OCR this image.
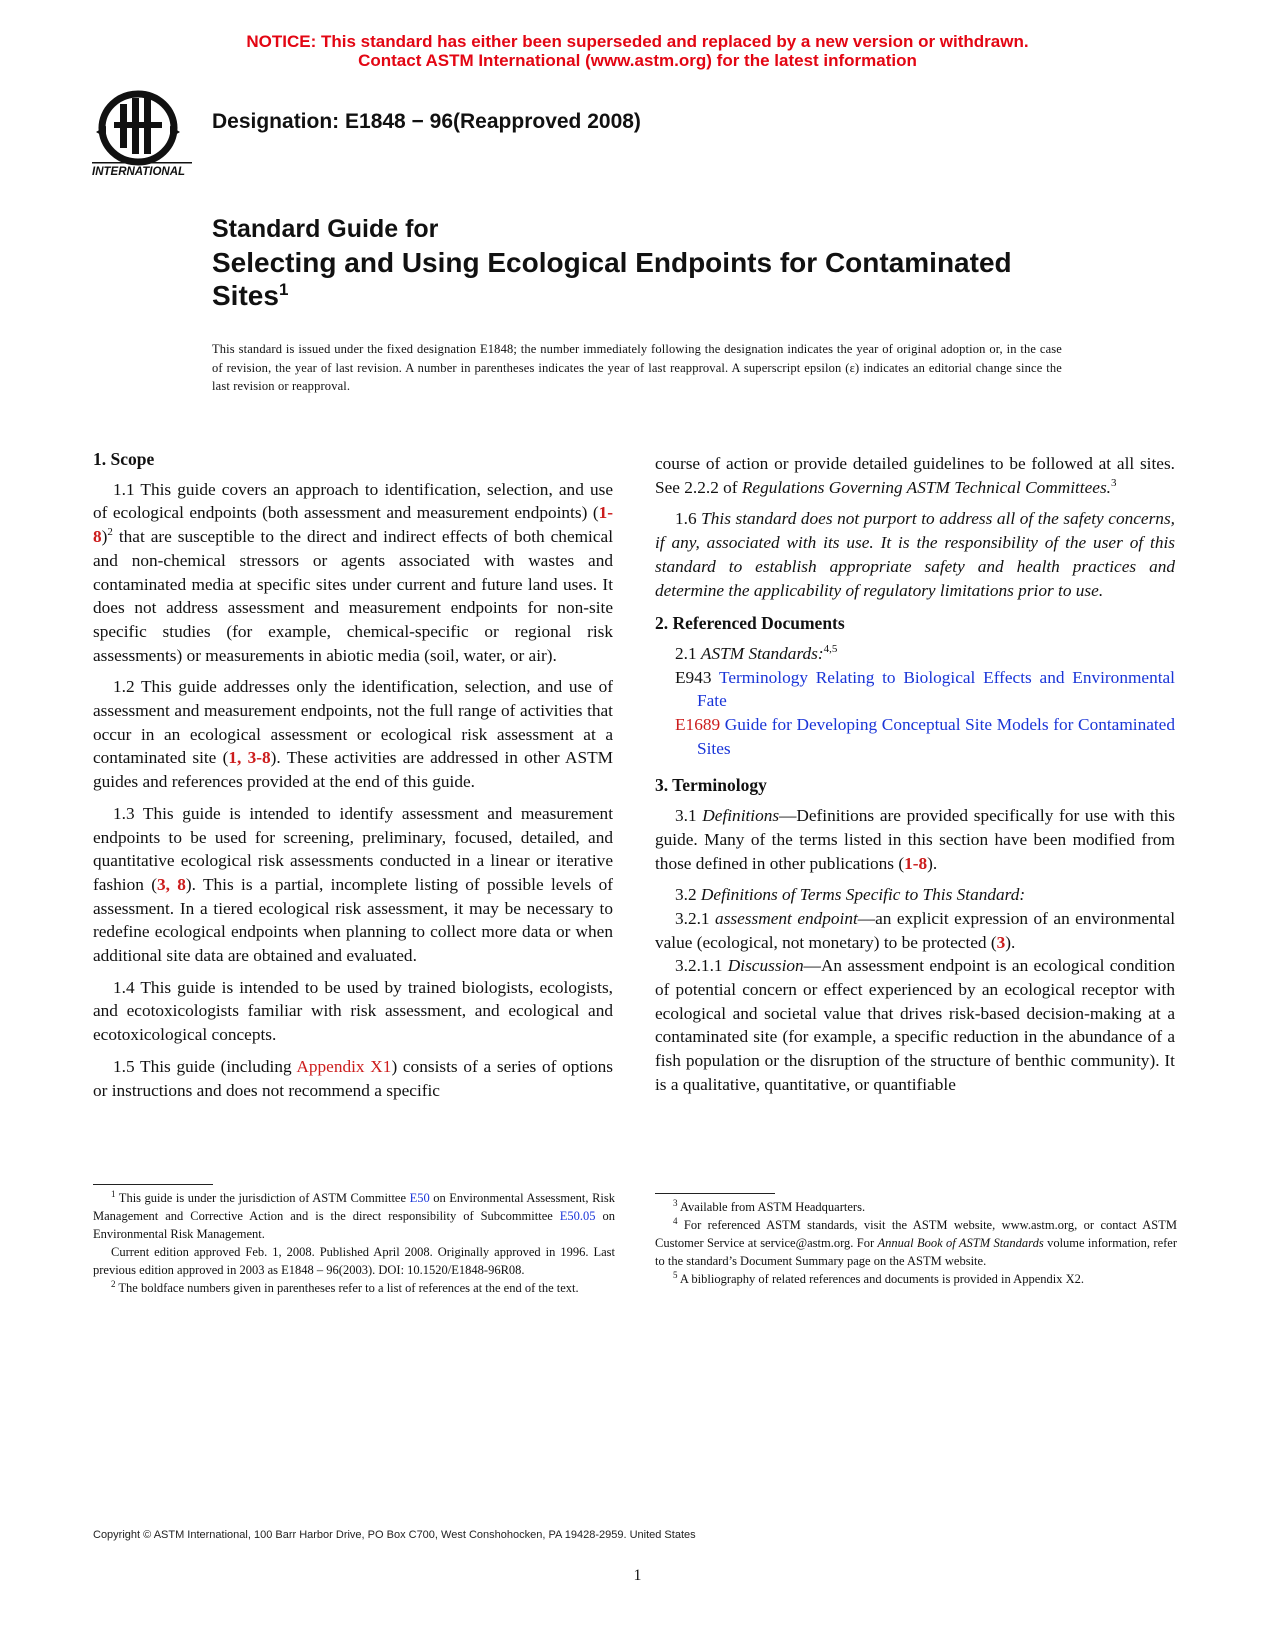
NOTICE: This standard has either been superseded and replaced by a new version or withdrawn.
Contact ASTM International (www.astm.org) for the latest information
INTERNATIONAL
Designation: E1848 − 96(Reapproved 2008)
Standard Guide for
Selecting and Using Ecological Endpoints for Contaminated
Sites$^1$
This standard is issued under the fixed designation E1848; the number immediately following the designation indicates the year of original adoption or, in the case of revision, the year of last revision. A number in parentheses indicates the year of last reapproval. A superscript epsilon (ε) indicates an editorial change since the last revision or reapproval.
1. Scope

1.1 This guide covers an approach to identification, selection, and use of ecological endpoints (both assessment and measurement endpoints) $(1-8)^2$ that are susceptible to the direct and indirect effects of both chemical and non-chemical stressors or agents associated with wastes and contaminated media at specific sites under current and future land uses. It does not address assessment and measurement endpoints for non-site specific studies (for example, chemical-specific or regional risk assessments) or measurements in abiotic media (soil, water, or air).

1.2 This guide addresses only the identification, selection, and use of assessment and measurement endpoints, not the full range of activities that occur in an ecological assessment or ecological risk assessment at a contaminated site (1, 3-8). These activities are addressed in other ASTM guides and references provided at the end of this guide.

1.3 This guide is intended to identify assessment and measurement endpoints to be used for screening, preliminary, focused, detailed, and quantitative ecological risk assessments conducted in a linear or iterative fashion (3, 8). This is a partial, incomplete listing of possible levels of assessment. In a tiered ecological risk assessment, it may be necessary to redefine ecological endpoints when planning to collect more data or when additional site data are obtained and evaluated.

1.4 This guide is intended to be used by trained biologists, ecologists, and ecotoxicologists familiar with risk assessment, and ecological and ecotoxicological concepts.

1.5 This guide (including Appendix X1) consists of a series of options or instructions and does not recommend a specific

$^1$ This guide is under the jurisdiction of ASTM Committee E50 on Environmental Assessment, Risk Management and Corrective Action and is the direct responsibility of Subcommittee E50.05 on Environmental Risk Management.

Current edition approved Feb. 1, 2008. Published April 2008. Originally approved in 1996. Last previous edition approved in 2003 as E1848 – 96(2003). DOI: 10.1520/E1848-96R08.

$^2$ The boldface numbers given in parentheses refer to a list of references at the end of the text.

course of action or provide detailed guidelines to be followed at all sites. See 2.2.2 of Regulations Governing ASTM Technical Committees.$^3$

1.6 This standard does not purport to address all of the safety concerns, if any, associated with its use. It is the responsibility of the user of this standard to establish appropriate safety and health practices and determine the applicability of regulatory limitations prior to use.

2. Referenced Documents

2.1 ASTM Standards:$^{4,5}$

E943 Terminology Relating to Biological Effects and Environmental Fate
E1689 Guide for Developing Conceptual Site Models for Contaminated Sites
3. Terminology

3.1 Definitions—Definitions are provided specifically for use with this guide. Many of the terms listed in this section have been modified from those defined in other publications (1-8).

3.2 Definitions of Terms Specific to This Standard:

3.2.1 assessment endpoint—an explicit expression of an environmental value (ecological, not monetary) to be protected (3).

3.2.1.1 Discussion—An assessment endpoint is an ecological condition of potential concern or effect experienced by an ecological receptor with ecological and societal value that drives risk-based decision-making at a contaminated site (for example, a specific reduction in the abundance of a fish population or the disruption of the structure of benthic community). It is a qualitative, quantitative, or quantifiable

$^3$ Available from ASTM Headquarters.

$^4$ For referenced ASTM standards, visit the ASTM website, www.astm.org, or contact ASTM Customer Service at service@astm.org. For Annual Book of ASTM Standards volume information, refer to the standard’s Document Summary page on the ASTM website.

$^5$ A bibliography of related references and documents is provided in Appendix X2.

Copyright © ASTM International, 100 Barr Harbor Drive, PO Box C700, West Conshohocken, PA 19428-2959. United States
1
